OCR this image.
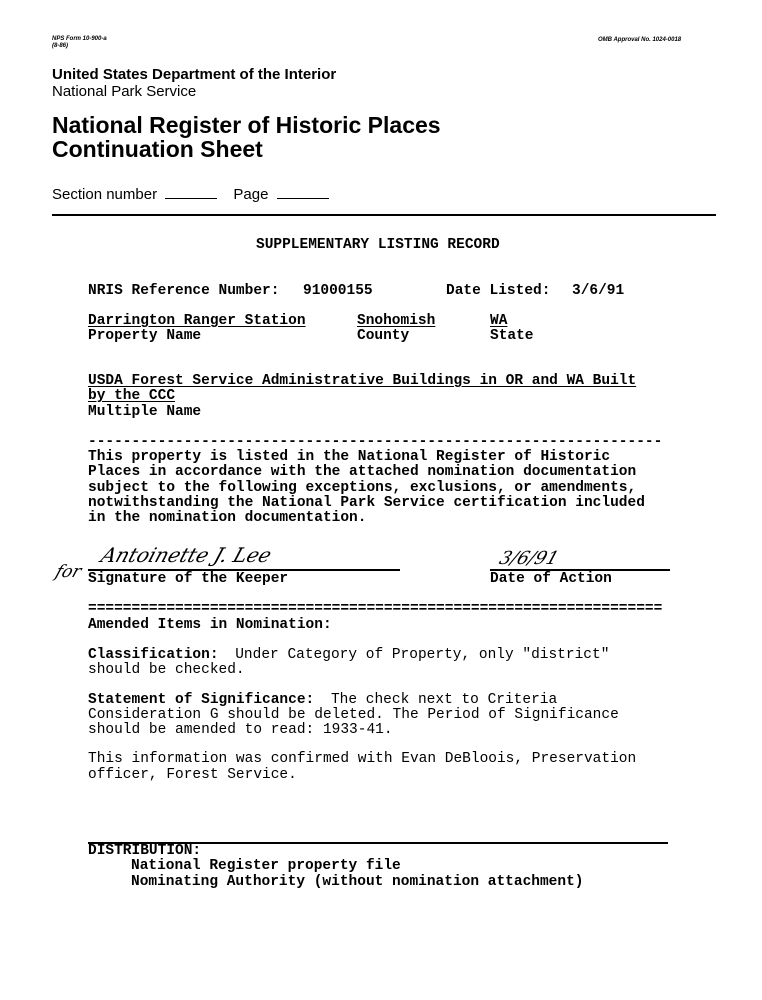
NPS Form 10-900-a
(8-86)
OMB Approval No. 1024-0018
United States Department of the Interior
National Park Service
National Register of Historic Places
Continuation Sheet
Section number	Page
SUPPLEMENTARY LISTING RECORD
NRIS Reference Number: 91000155	Date Listed: 3/6/91
Darrington Ranger Station	Snohomish	WA
Property Name	County	State
USDA Forest Service Administrative Buildings in OR and WA Built
by the CCC
Multiple Name
------------------------------------------------------------------
This property is listed in the National Register of Historic
Places in accordance with the attached nomination documentation
subject to the following exceptions, exclusions, or amendments,
notwithstanding the National Park Service certification included
in the nomination documentation.
for
Antoinette J. Lee
Signature of the Keeper
3/6/91
Date of Action
==================================================================
Amended Items in Nomination:
Classification: Under Category of Property, only "district"
should be checked.
Statement of Significance: The check next to Criteria
Consideration G should be deleted. The Period of Significance
should be amended to read: 1933-41.
This information was confirmed with Evan DeBloois, Preservation
officer, Forest Service.
DISTRIBUTION:
National Register property file
Nominating Authority (without nomination attachment)
